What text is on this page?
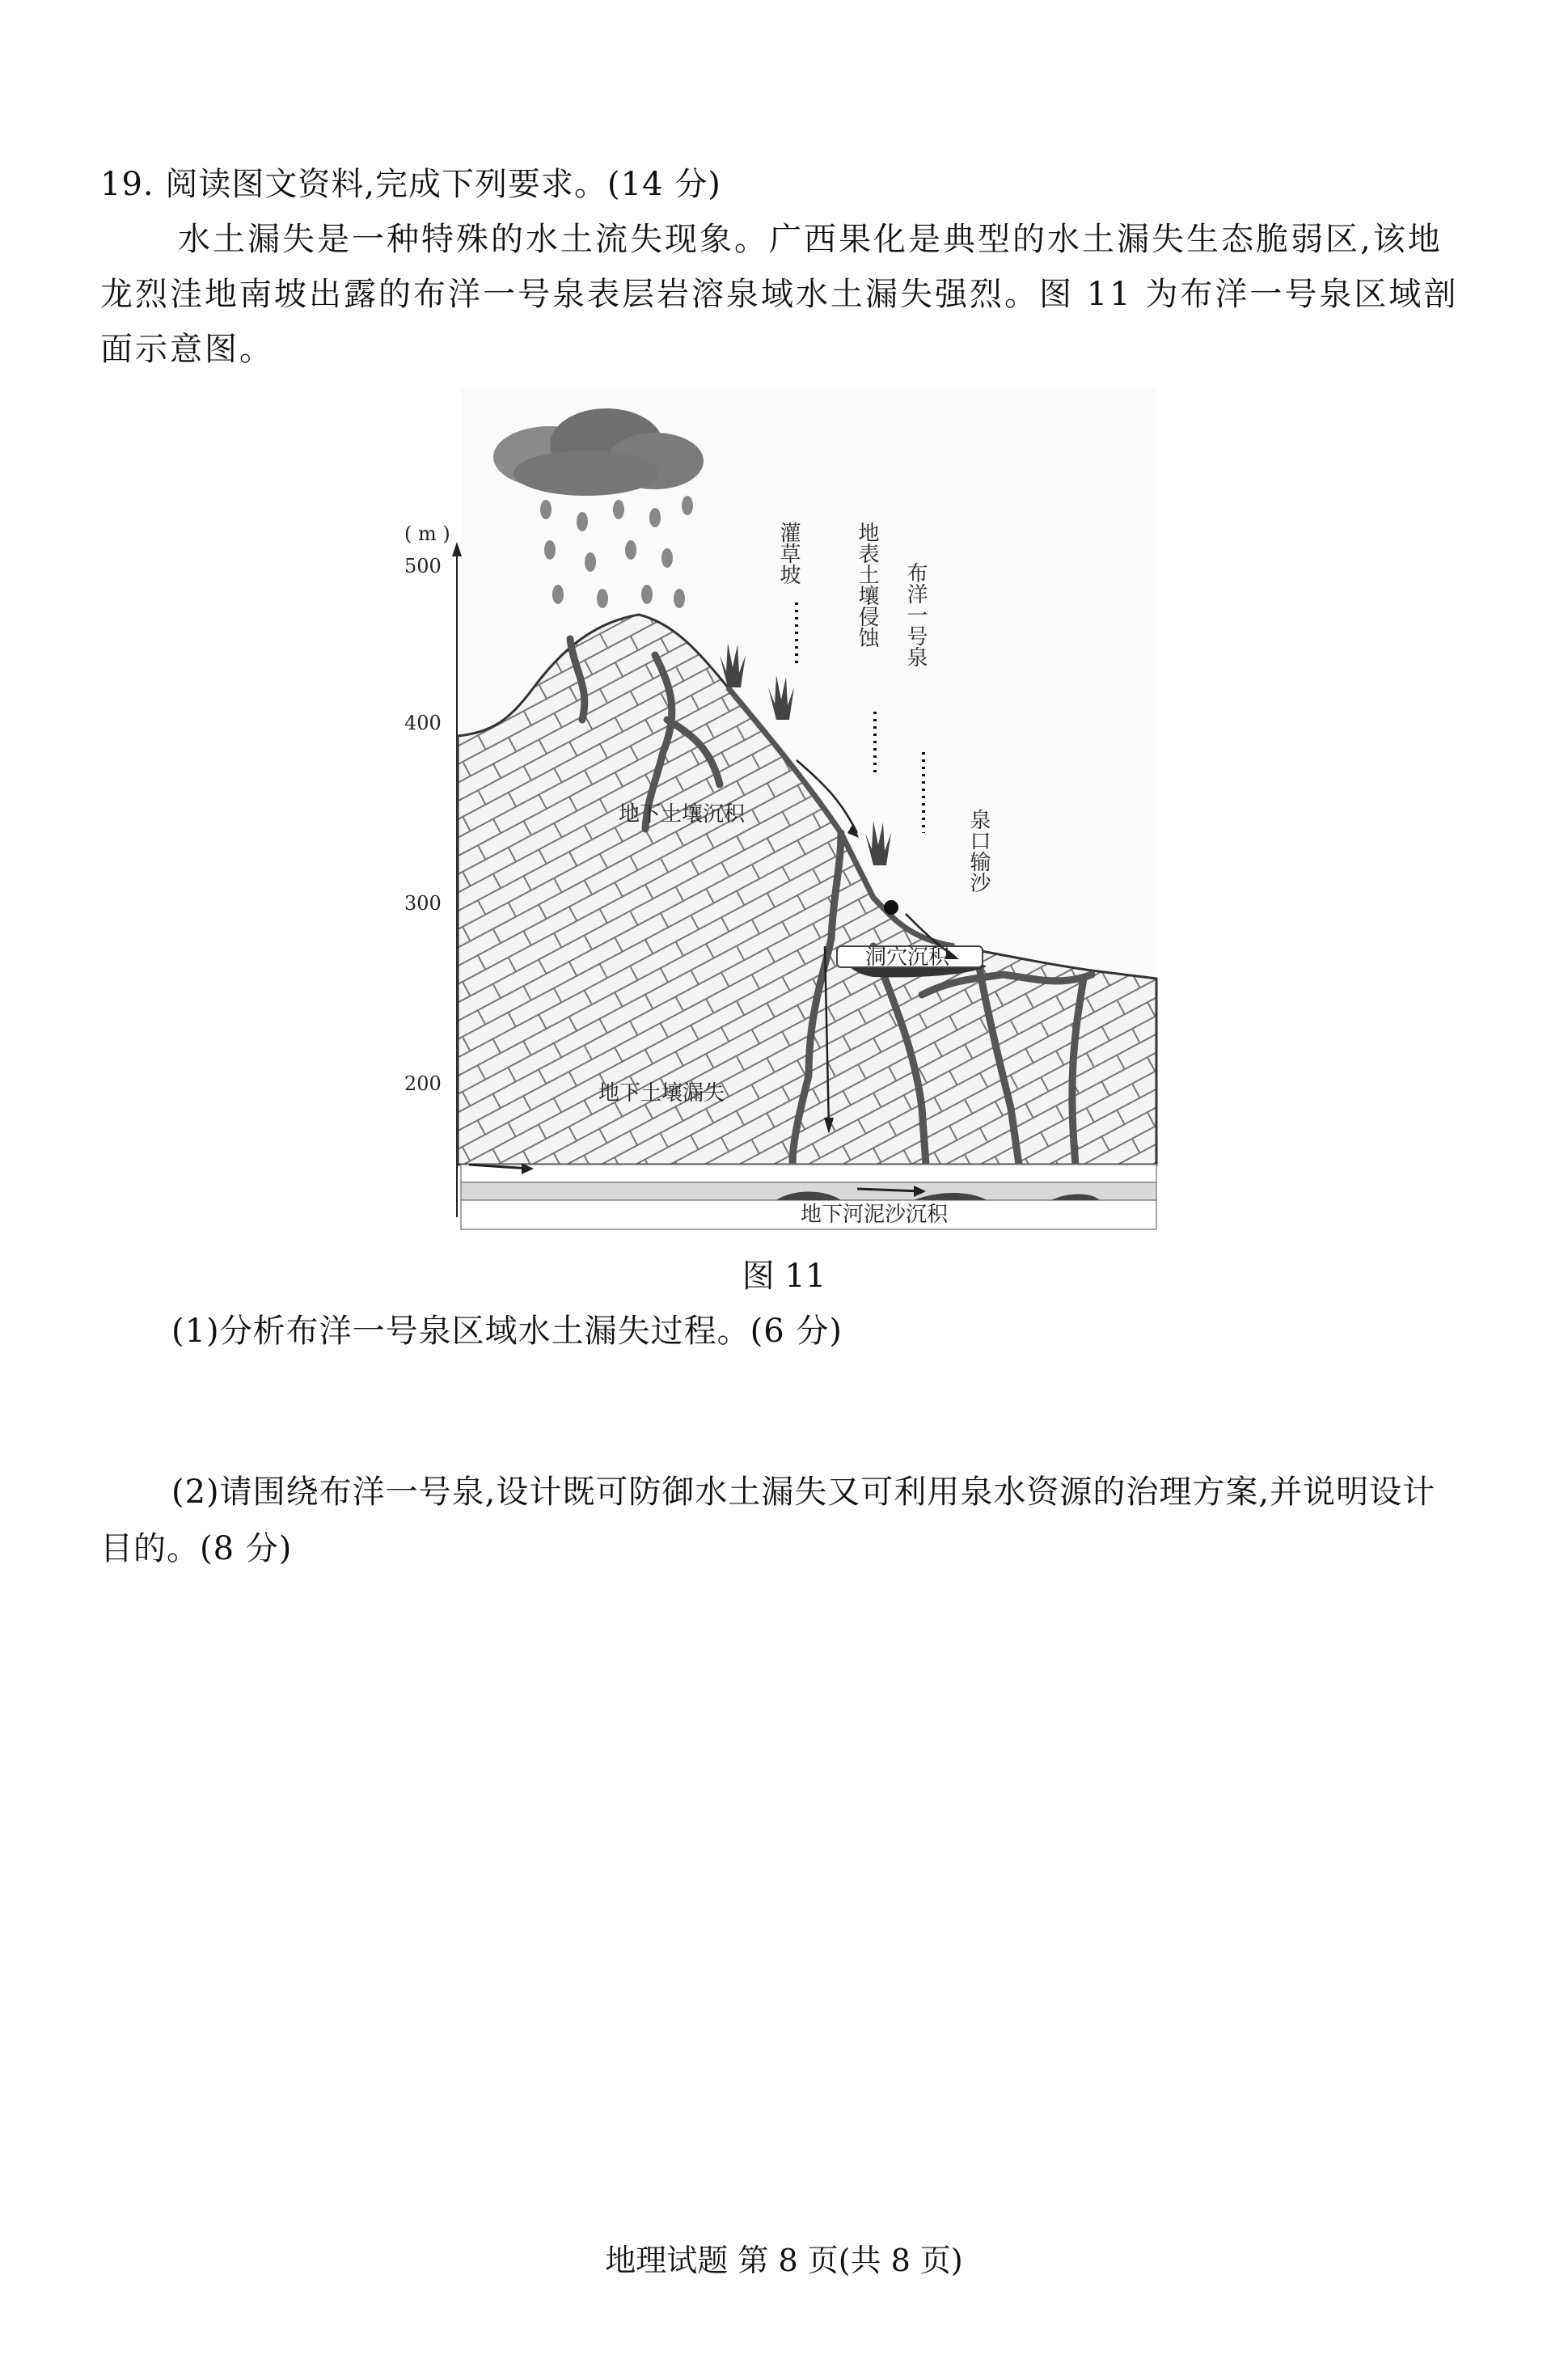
19. 阅读图文资料,完成下列要求。(14 分)
水土漏失是一种特殊的水土流失现象。广西果化是典型的水土漏失生态脆弱区,该地龙烈洼地南坡出露的布洋一号泉表层岩溶泉域水土漏失强烈。图 11 为布洋一号泉区域剖面示意图。
( m )
500
400
300
200
灌草坡	地表土壤侵蚀 布洋一号泉
泉口输沙
地下土壤沉积
洞穴沉积
地下土壤漏失
地下河泥沙沉积
图 11
(1)分析布洋一号泉区域水土漏失过程。(6 分)
(2)请围绕布洋一号泉,设计既可防御水土漏失又可利用泉水资源的治理方案,并说明设计目的。(8 分)
地理试题 第 8 页(共 8 页)
